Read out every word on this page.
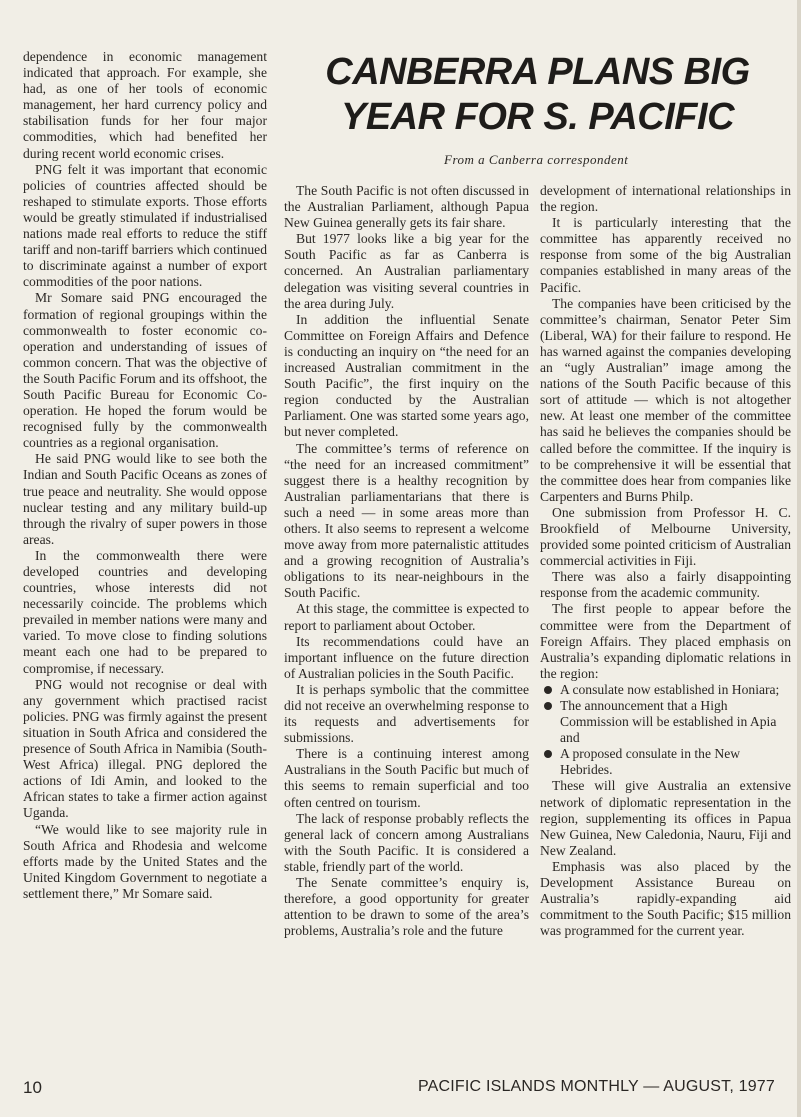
CANBERRA PLANS BIG YEAR FOR S. PACIFIC

From a Canberra correspondent

dependence in economic management indicated that approach. For example, she had, as one of her tools of economic management, her hard currency policy and stabilisation funds for her four major commodities, which had benefited her during recent world economic crises.

PNG felt it was important that economic policies of countries affected should be reshaped to stimulate exports. Those efforts would be greatly stimulated if industrialised nations made real efforts to reduce the stiff tariff and non-tariff barriers which continued to discriminate against a number of export commodities of the poor nations.

Mr Somare said PNG encouraged the formation of regional groupings within the commonwealth to foster economic co-operation and understanding of issues of common concern. That was the objective of the South Pacific Forum and its offshoot, the South Pacific Bureau for Economic Co-operation. He hoped the forum would be recognised fully by the commonwealth countries as a regional organisation.

He said PNG would like to see both the Indian and South Pacific Oceans as zones of true peace and neutrality. She would oppose nuclear testing and any military build-up through the rivalry of super powers in those areas.

In the commonwealth there were developed countries and developing countries, whose interests did not necessarily coincide. The problems which prevailed in member nations were many and varied. To move close to finding solutions meant each one had to be prepared to compromise, if necessary.

PNG would not recognise or deal with any government which practised racist policies. PNG was firmly against the present situation in South Africa and considered the presence of South Africa in Namibia (South-West Africa) illegal. PNG deplored the actions of Idi Amin, and looked to the African states to take a firmer action against Uganda.

“We would like to see majority rule in South Africa and Rhodesia and welcome efforts made by the United States and the United Kingdom Government to negotiate a settlement there,” Mr Somare said.

The South Pacific is not often discussed in the Australian Parliament, although Papua New Guinea generally gets its fair share.

But 1977 looks like a big year for the South Pacific as far as Canberra is concerned. An Australian parliamentary delegation was visiting several countries in the area during July.

In addition the influential Senate Committee on Foreign Affairs and Defence is conducting an inquiry on “the need for an increased Australian commitment in the South Pacific”, the first inquiry on the region conducted by the Australian Parliament. One was started some years ago, but never completed.

The committee’s terms of reference on “the need for an increased commitment” suggest there is a healthy recognition by Australian parliamentarians that there is such a need — in some areas more than others. It also seems to represent a welcome move away from more paternalistic attitudes and a growing recognition of Australia’s obligations to its near-neighbours in the South Pacific.

At this stage, the committee is expected to report to parliament about October.

Its recommendations could have an important influence on the future direction of Australian policies in the South Pacific.

It is perhaps symbolic that the committee did not receive an overwhelming response to its requests and advertisements for submissions.

There is a continuing interest among Australians in the South Pacific but much of this seems to remain superficial and too often centred on tourism.

The lack of response probably reflects the general lack of concern among Australians with the South Pacific. It is considered a stable, friendly part of the world.

The Senate committee’s enquiry is, therefore, a good opportunity for greater attention to be drawn to some of the area’s problems, Australia’s role and the future

development of international relationships in the region.

It is particularly interesting that the committee has apparently received no response from some of the big Australian companies established in many areas of the Pacific.

The companies have been criticised by the committee’s chairman, Senator Peter Sim (Liberal, WA) for their failure to respond. He has warned against the companies developing an “ugly Australian” image among the nations of the South Pacific because of this sort of attitude — which is not altogether new. At least one member of the committee has said he believes the companies should be called before the committee. If the inquiry is to be comprehensive it will be essential that the committee does hear from companies like Carpenters and Burns Philp.

One submission from Professor H. C. Brookfield of Melbourne University, provided some pointed criticism of Australian commercial activities in Fiji.

There was also a fairly disappointing response from the academic community.

The first people to appear before the committee were from the Department of Foreign Affairs. They placed emphasis on Australia’s expanding diplomatic relations in the region:

A consulate now established in Honiara;
The announcement that a High Commission will be established in Apia and
A proposed consulate in the New Hebrides.

These will give Australia an extensive network of diplomatic representation in the region, supplementing its offices in Papua New Guinea, New Caledonia, Nauru, Fiji and New Zealand.

Emphasis was also placed by the Development Assistance Bureau on Australia’s rapidly-expanding aid commitment to the South Pacific; $15 million was programmed for the current year.

10	PACIFIC ISLANDS MONTHLY — AUGUST, 1977
